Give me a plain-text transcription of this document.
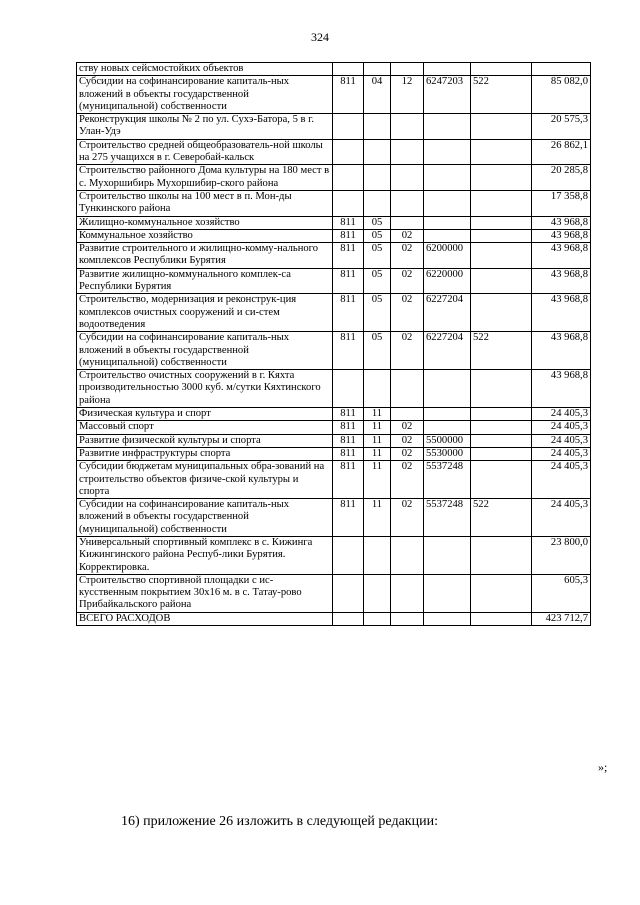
324
ству новых сейсмостойких объектов						
Субсидии на софинансирование капиталь-ных вложений в объекты государственной (муниципальной) собственности	811	04	12	6247203	522	85 082,0
Реконструкция школы № 2 по ул. Сухэ-Батора, 5 в г. Улан-Удэ						20 575,3
Строительство средней общеобразователь-ной школы на 275 учащихся в г. Северобай-кальск						26 862,1
Строительство районного Дома культуры на 180 мест в с. Мухоршибирь Мухоршибир-ского района						20 285,8
Строительство школы на 100 мест в п. Мон-ды Тункинского района						17 358,8
Жилищно-коммунальное хозяйство	811	05				43 968,8
Коммунальное хозяйство	811	05	02			43 968,8
Развитие строительного и жилищно-комму-нального комплексов Республики Бурятия	811	05	02	6200000		43 968,8
Развитие жилищно-коммунального комплек-са Республики Бурятия	811	05	02	6220000		43 968,8
Строительство, модернизация и реконструк-ция комплексов очистных сооружений и си-стем водоотведения	811	05	02	6227204		43 968,8
Субсидии на софинансирование капиталь-ных вложений в объекты государственной (муниципальной) собственности	811	05	02	6227204	522	43 968,8
Строительство очистных сооружений в г. Кяхта производительностью 3000 куб. м/сутки Кяхтинского района						43 968,8
Физическая культура и спорт	811	11				24 405,3
Массовый спорт	811	11	02			24 405,3
Развитие физической культуры и спорта	811	11	02	5500000		24 405,3
Развитие инфраструктуры спорта	811	11	02	5530000		24 405,3
Субсидии бюджетам муниципальных обра-зований на строительство объектов физиче-ской культуры и спорта	811	11	02	5537248		24 405,3
Субсидии на софинансирование капиталь-ных вложений в объекты государственной (муниципальной) собственности	811	11	02	5537248	522	24 405,3
Универсальный спортивный комплекс в с. Кижинга Кижингинского района Респуб-лики Бурятия. Корректировка.						23 800,0
Строительство спортивной площадки с ис-кусственным покрытием 30х16 м. в с. Татау-рово Прибайкальского района						605,3
ВСЕГО РАСХОДОВ						423 712,7
»;
16) приложение 26 изложить в следующей редакции:
